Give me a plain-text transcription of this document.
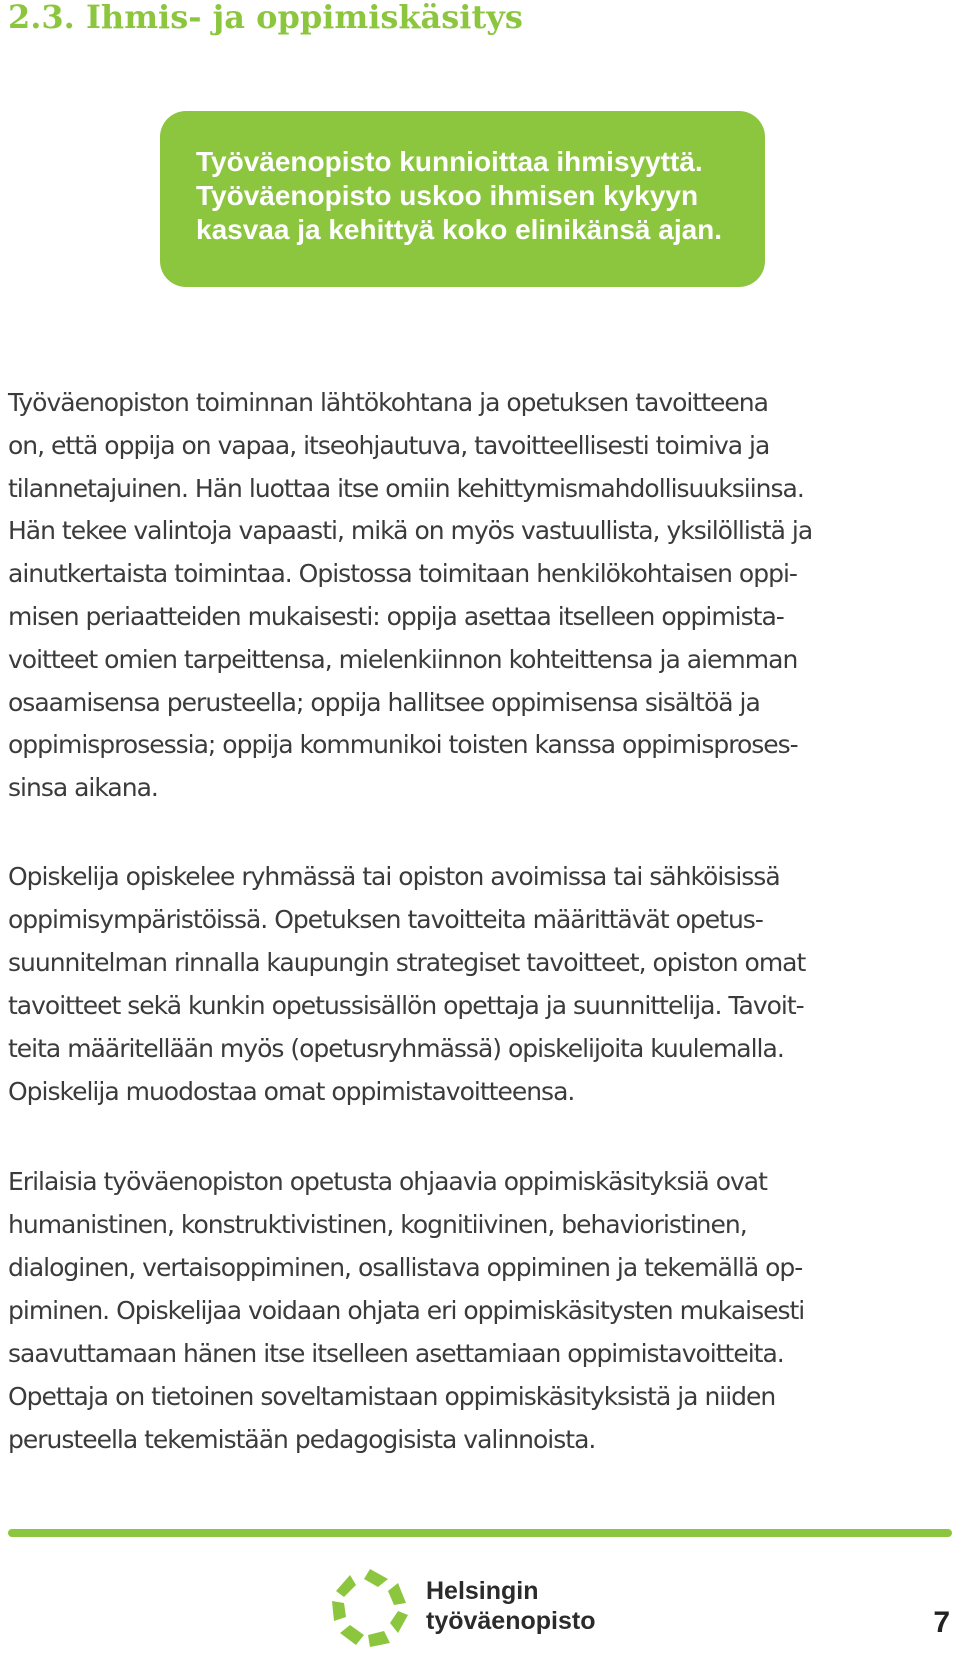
2.3. Ihmis- ja oppimiskäsitys
Työväenopisto kunnioittaa ihmisyyttä.
Työväenopisto uskoo ihmisen kykyyn
kasvaa ja kehittyä koko elinikänsä ajan.
Työväenopiston toiminnan lähtökohtana ja opetuksen tavoitteena
on, että oppija on vapaa, itseohjautuva, tavoitteellisesti toimiva ja
tilannetajuinen. Hän luottaa itse omiin kehittymismahdollisuuksiinsa.
Hän tekee valintoja vapaasti, mikä on myös vastuullista, yksilöllistä ja
ainutkertaista toimintaa. Opistossa toimitaan henkilökohtaisen oppi-
misen periaatteiden mukaisesti: oppija asettaa itselleen oppimista-
voitteet omien tarpeittensa, mielenkiinnon kohteittensa ja aiemman
osaamisensa perusteella; oppija hallitsee oppimisensa sisältöä ja
oppimisprosessia; oppija kommunikoi toisten kanssa oppimisproses-
sinsa aikana.
Opiskelija opiskelee ryhmässä tai opiston avoimissa tai sähköisissä
oppimisympäristöissä. Opetuksen tavoitteita määrittävät opetus-
suunnitelman rinnalla kaupungin strategiset tavoitteet, opiston omat
tavoitteet sekä kunkin opetussisällön opettaja ja suunnittelija. Tavoit-
teita määritellään myös (opetusryhmässä) opiskelijoita kuulemalla.
Opiskelija muodostaa omat oppimistavoitteensa.
Erilaisia työväenopiston opetusta ohjaavia oppimiskäsityksiä ovat
humanistinen, konstruktivistinen, kognitiivinen, behavioristinen,
dialoginen, vertaisoppiminen, osallistava oppiminen ja tekemällä op-
piminen. Opiskelijaa voidaan ohjata eri oppimiskäsitysten mukaisesti
saavuttamaan hänen itse itselleen asettamiaan oppimistavoitteita.
Opettaja on tietoinen soveltamistaan oppimiskäsityksistä ja niiden
perusteella tekemistään pedagogisista valinnoista.
Helsingin
työväenopisto	7
